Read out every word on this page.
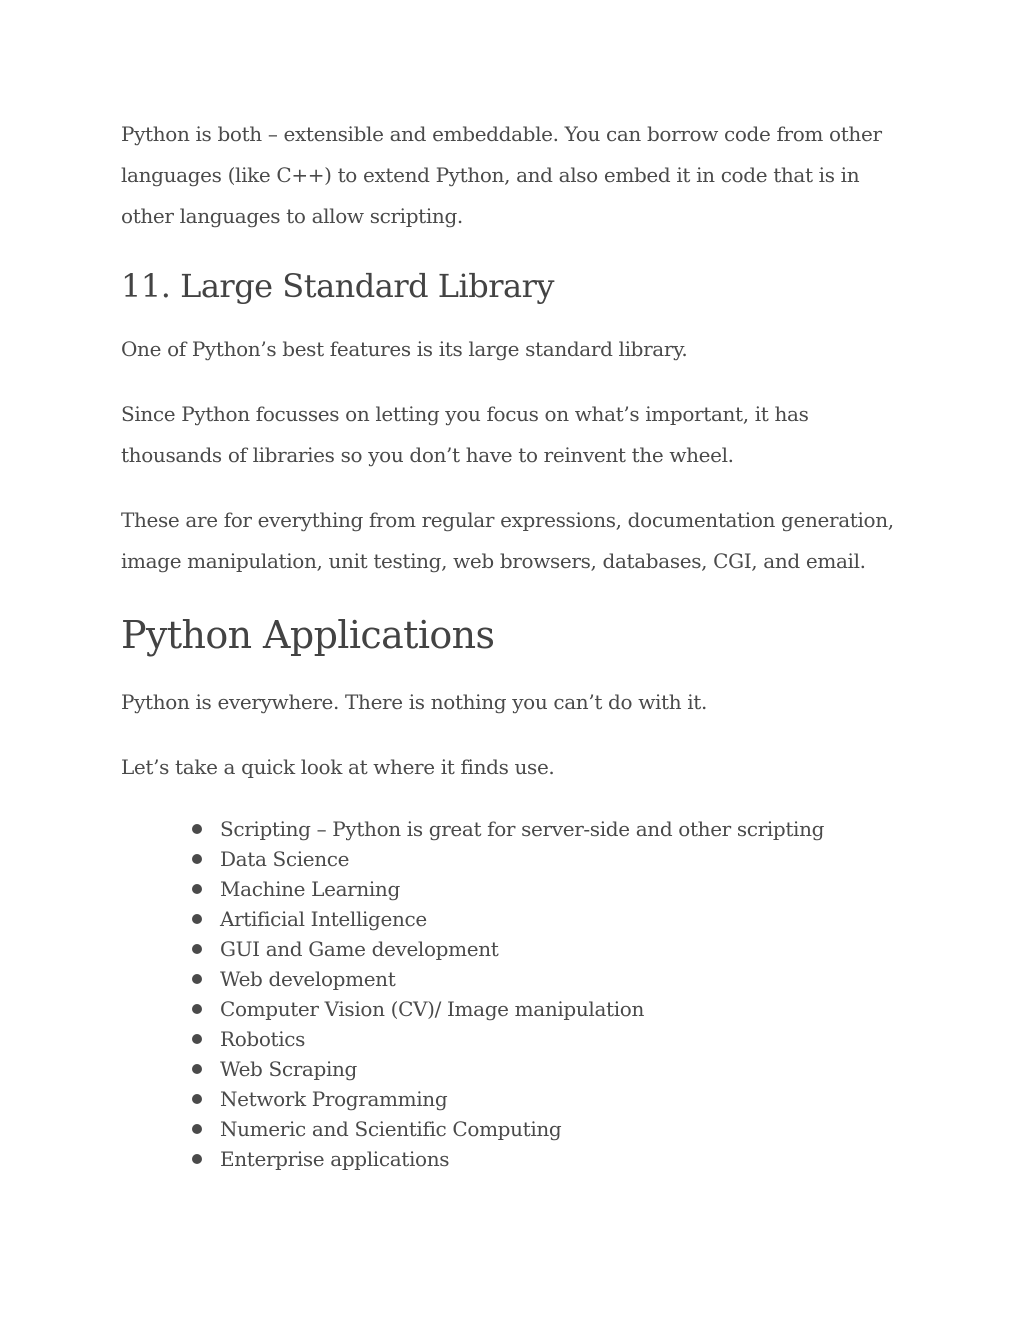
Python is both – extensible and embeddable. You can borrow code from other languages (like C++) to extend Python, and also embed it in code that is in other languages to allow scripting.

11. Large Standard Library

One of Python’s best features is its large standard library.

Since Python focusses on letting you focus on what’s important, it has thousands of libraries so you don’t have to reinvent the wheel.

These are for everything from regular expressions, documentation generation, image manipulation, unit testing, web browsers, databases, CGI, and email.

Python Applications

Python is everywhere. There is nothing you can’t do with it.

Let’s take a quick look at where it finds use.

Scripting – Python is great for server-side and other scripting
Data Science
Machine Learning
Artificial Intelligence
GUI and Game development
Web development
Computer Vision (CV)/ Image manipulation
Robotics
Web Scraping
Network Programming
Numeric and Scientific Computing
Enterprise applications
